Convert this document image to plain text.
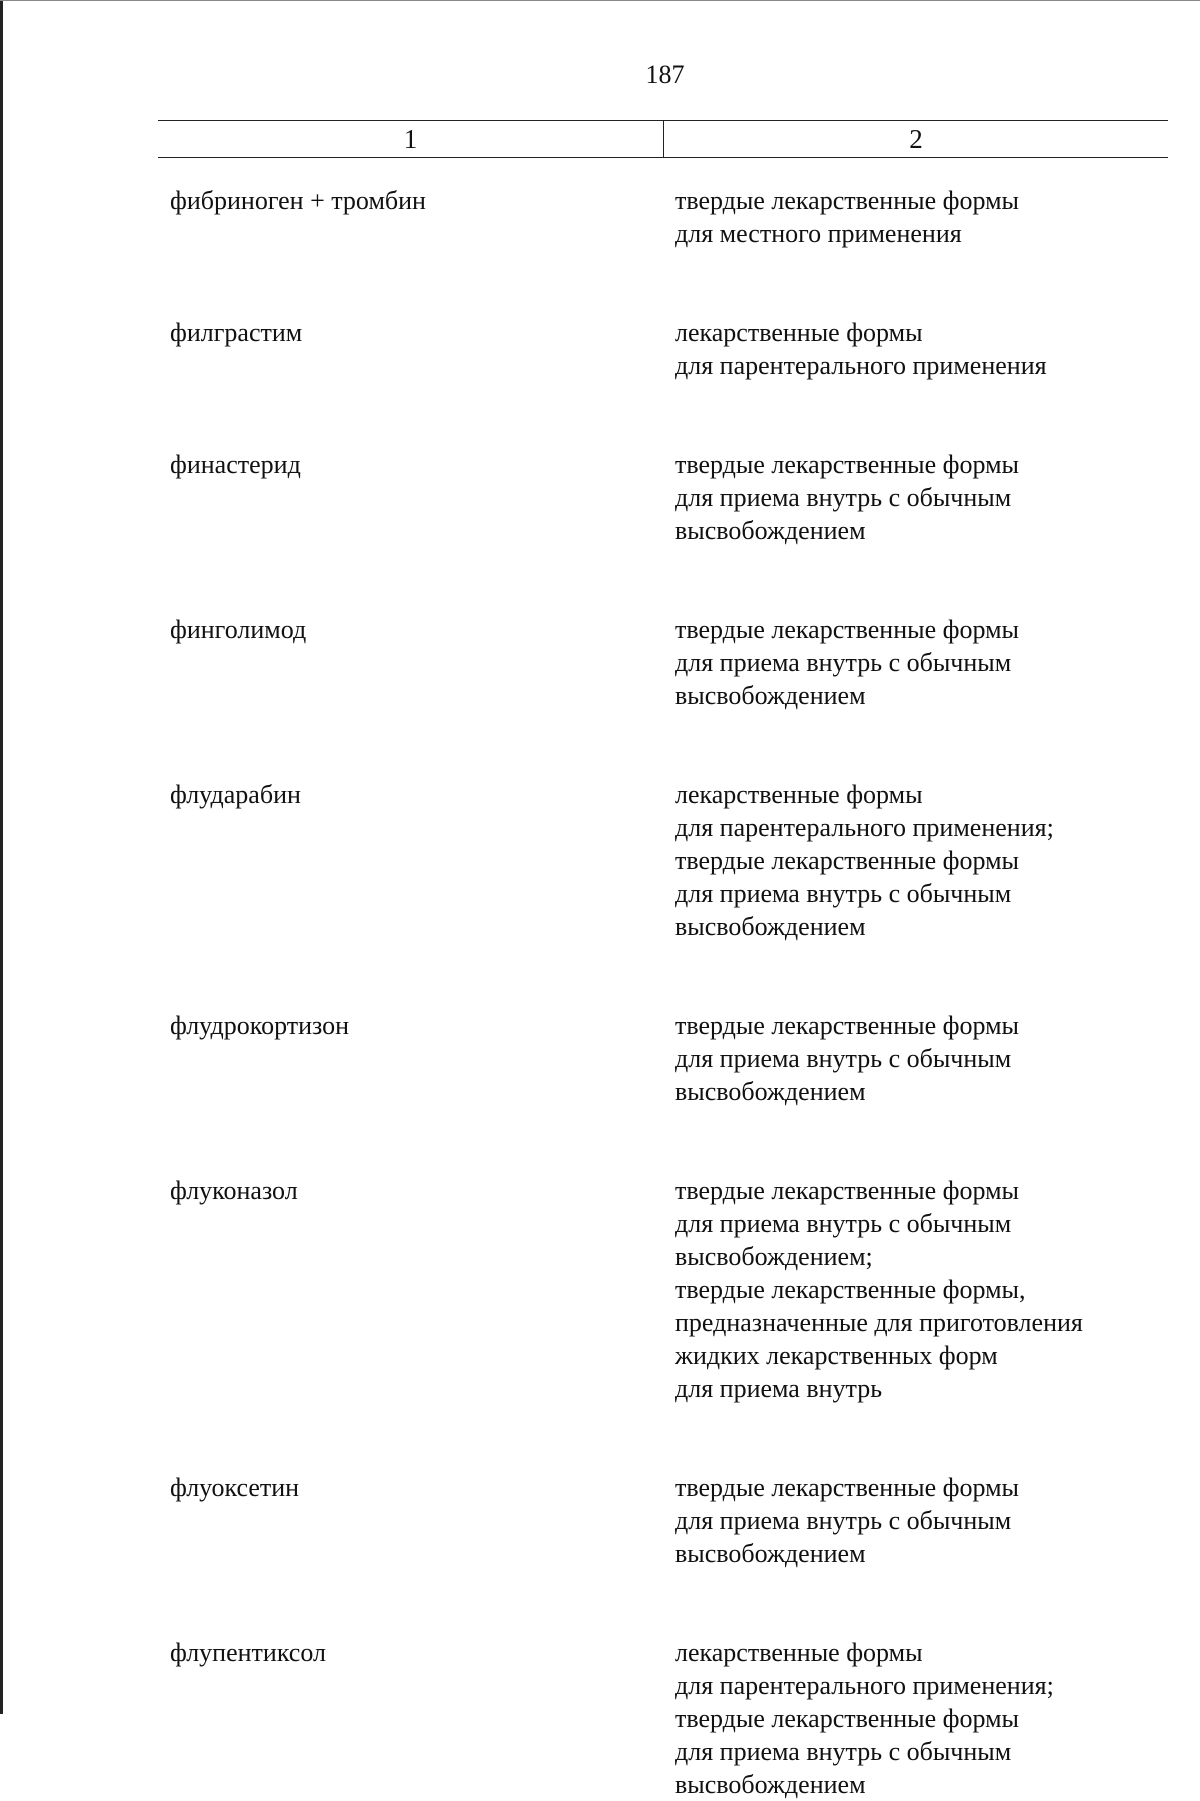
187
1	2
фибриноген + тромбин	твердые лекарственные формы
для местного применения
филграстим	лекарственные формы
для парентерального применения
финастерид	твердые лекарственные формы
для приема внутрь с обычным
высвобождением
финголимод	твердые лекарственные формы
для приема внутрь с обычным
высвобождением
флударабин	лекарственные формы
для парентерального применения;
твердые лекарственные формы
для приема внутрь с обычным
высвобождением
флудрокортизон	твердые лекарственные формы
для приема внутрь с обычным
высвобождением
флуконазол	твердые лекарственные формы
для приема внутрь с обычным
высвобождением;
твердые лекарственные формы,
предназначенные для приготовления
жидких лекарственных форм
для приема внутрь
флуоксетин	твердые лекарственные формы
для приема внутрь с обычным
высвобождением
флупентиксол	лекарственные формы
для парентерального применения;
твердые лекарственные формы
для приема внутрь с обычным
высвобождением
